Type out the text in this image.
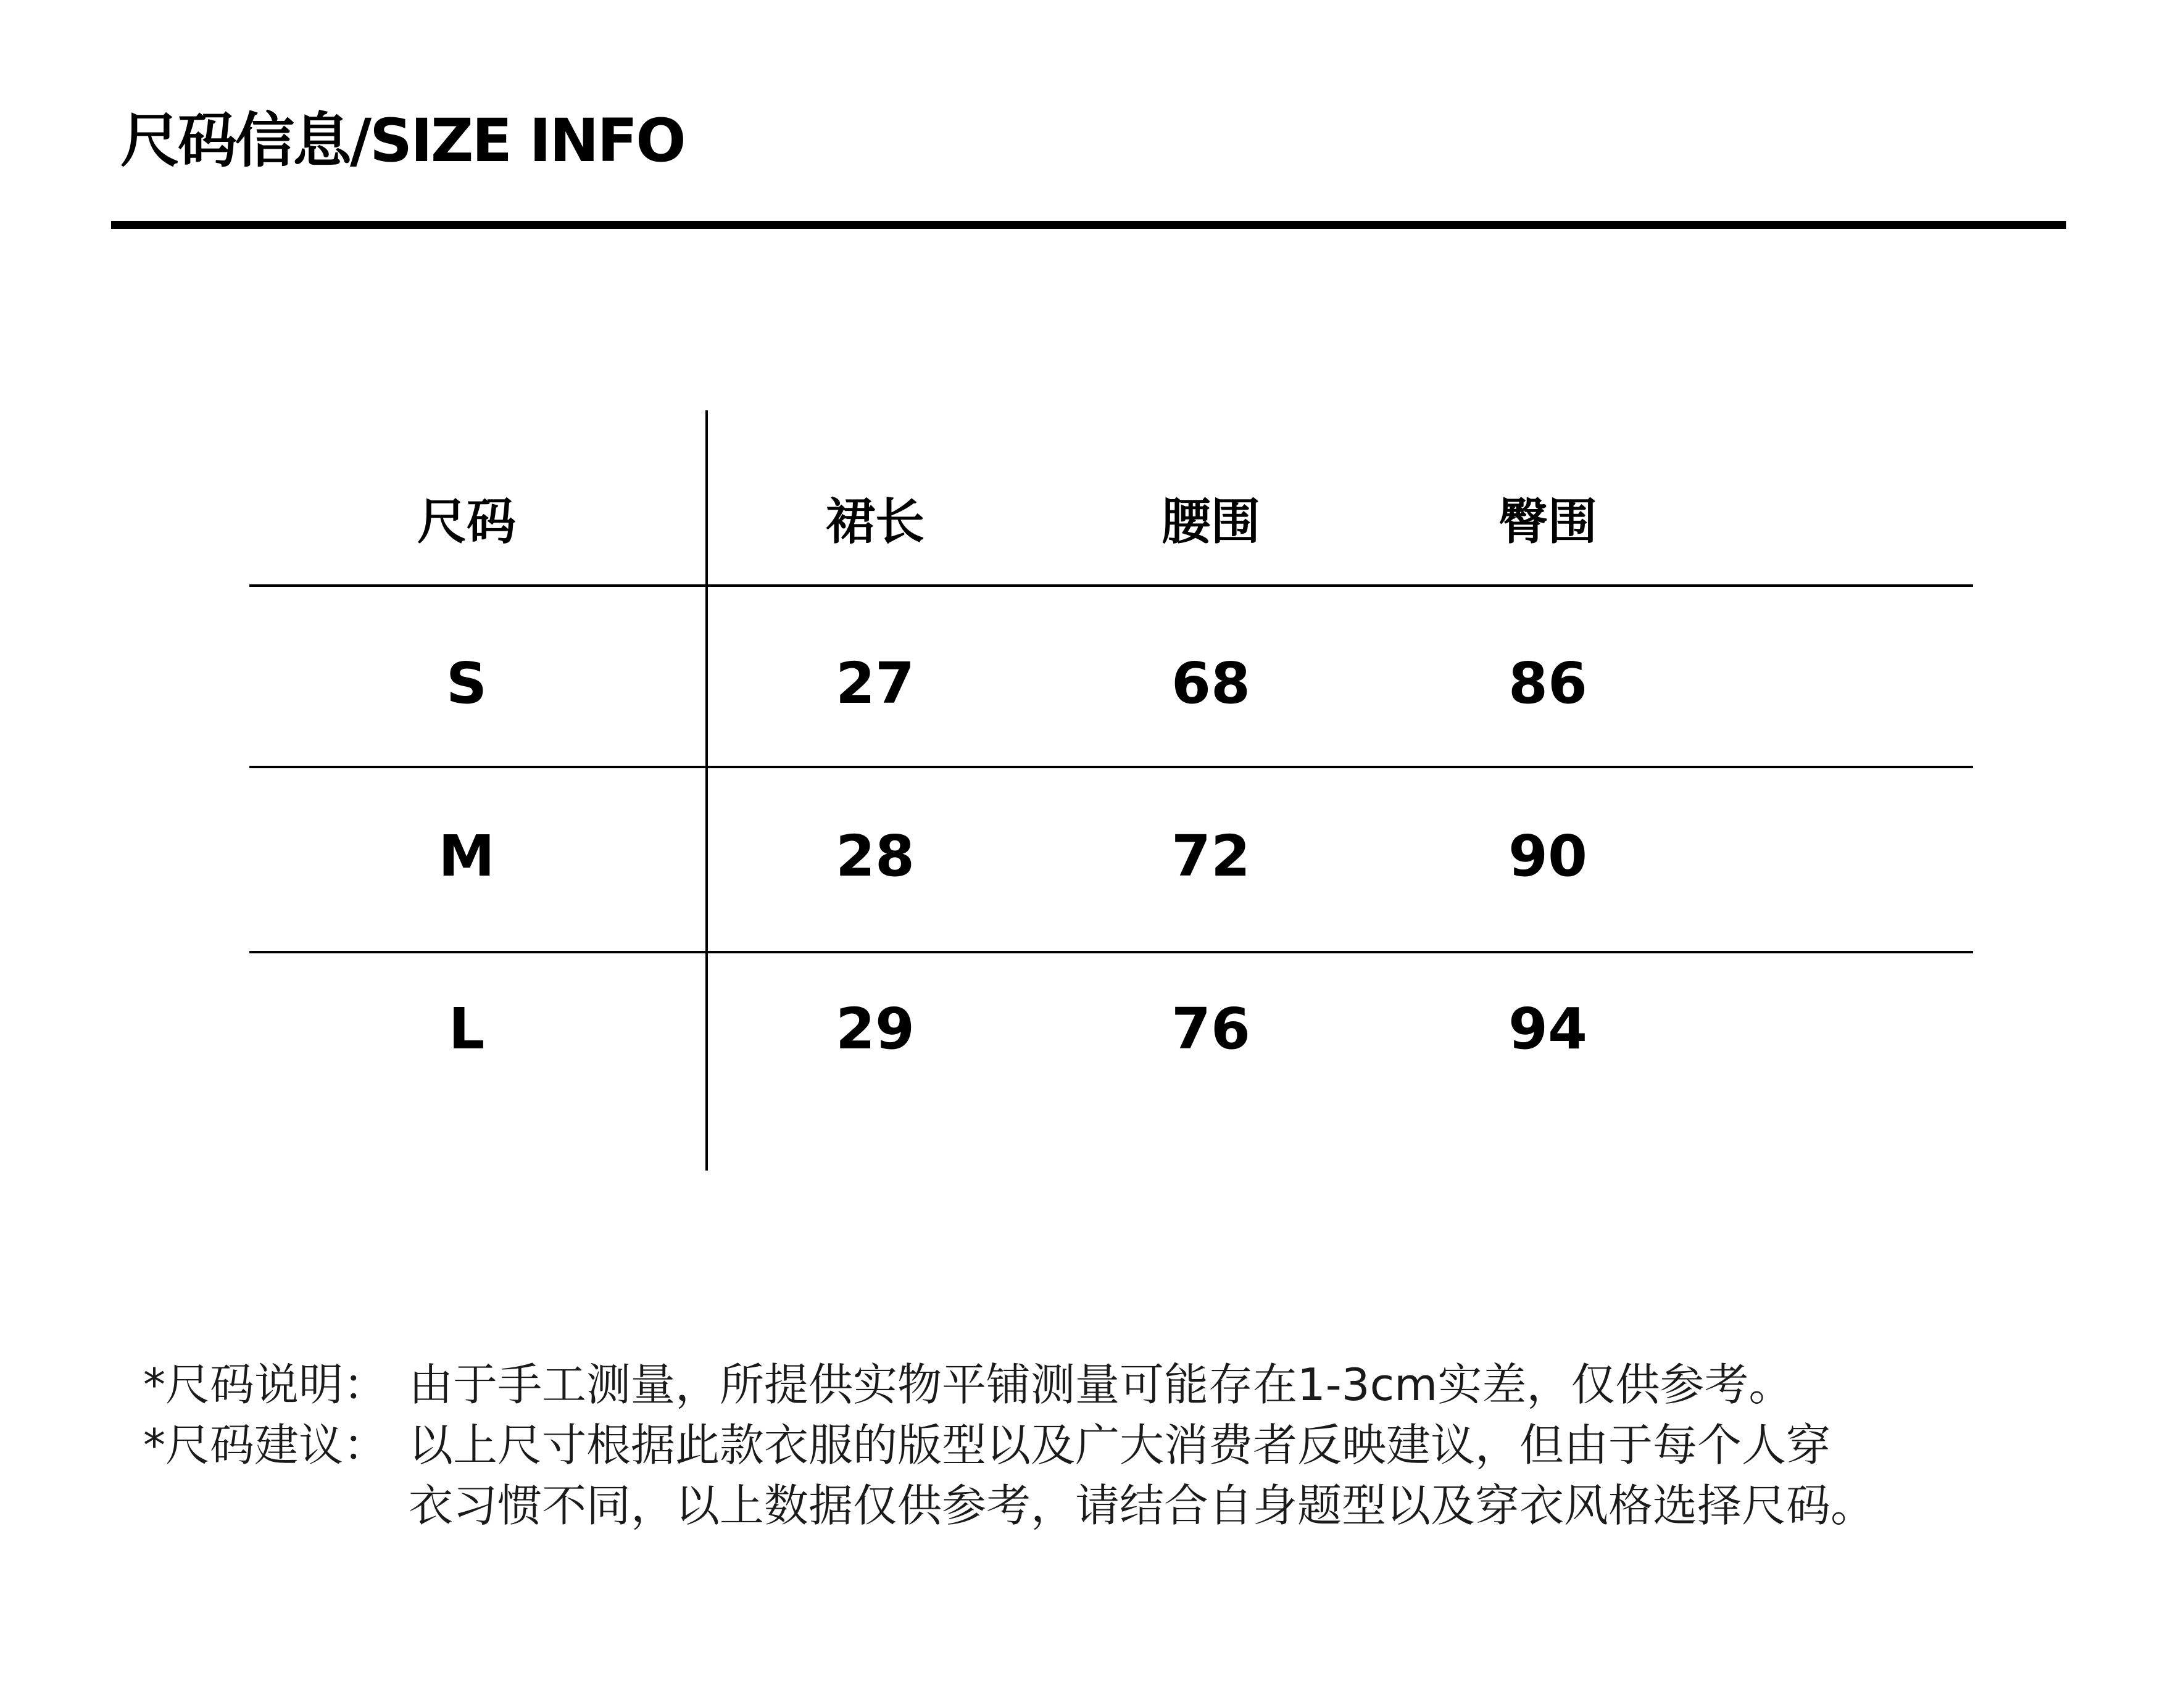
尺码信息/SIZE INFO
尺码	裙长	腰围	臀围
S	27	68	86
M	28	72	90
L	29	76	94
*尺码说明： 由于手工测量，所提供实物平铺测量可能存在1-3cm实差，仅供参考。
*尺码建议： 以上尺寸根据此款衣服的版型以及广大消费者反映建议，但由于每个人穿
衣习惯不同，以上数据仅供参考，请结合自身题型以及穿衣风格选择尺码。
